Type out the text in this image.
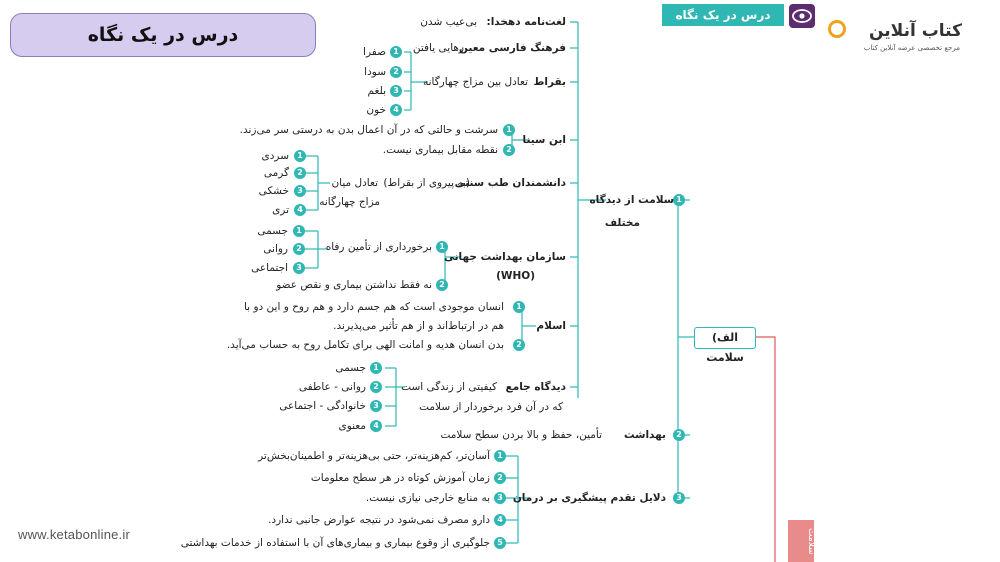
درس در یک نگاه
درس در یک نگاه
کتاب آنلاین
مرجع تخصصی عرضه آنلاین کتاب
www.ketabonline.ir	سلامت
الف) سلامت
1
سلامت از دیدگاه
مختلف
لغت‌نامه دهخدا:
بی‌عیب شدن
فرهنگ فارسی معین
رهایی یافتن
بقراط
تعادل بین مزاج چهارگانه
1
2
3
4
صفرا
سودا
بلغم
خون
ابن سینا
1
2
سرشت و حالتی که در آن اعمال بدن به درستی سر می‌زند.
نقطه مقابل بیماری نیست.
دانشمندان طب سنتی
(به پیروی از بقراط)
تعادل میان
مزاج چهارگانه
1
2
3
4
سردی
گرمی
خشکی
تری
سازمان بهداشت جهانی
(WHO)
1
2
برخورداری از تأمین رفاه
نه فقط نداشتن بیماری و نقص عضو
1
2
3
جسمی
روانی
اجتماعی
اسلام
1
2
انسان موجودی است که هم جسم دارد و هم روح و این دو با
هم در ارتباط‌اند و از هم تأثیر می‌پذیرند.
بدن انسان هدیه و امانت الهی برای تکامل روح به حساب می‌آید.
دیدگاه جامع
کیفیتی از زندگی است
که در آن فرد برخوردار از سلامت
1
2
3
4
جسمی
روانی - عاطفی
خانوادگی - اجتماعی
معنوی
2
بهداشت
تأمین، حفظ و بالا بردن سطح سلامت
3
دلایل تقدم پیشگیری بر درمان
1
2
3
4
5
آسان‌تر، کم‌هزینه‌تر، حتی بی‌هزینه‌تر و اطمینان‌بخش‌تر
زمان آموزش کوتاه در هر سطح معلومات
به منابع خارجی نیازی نیست.
دارو مصرف نمی‌شود در نتیجه عوارض جانبی ندارد.
جلوگیری از وقوع بیماری و بیماری‌های آن با استفاده از خدمات بهداشتی
